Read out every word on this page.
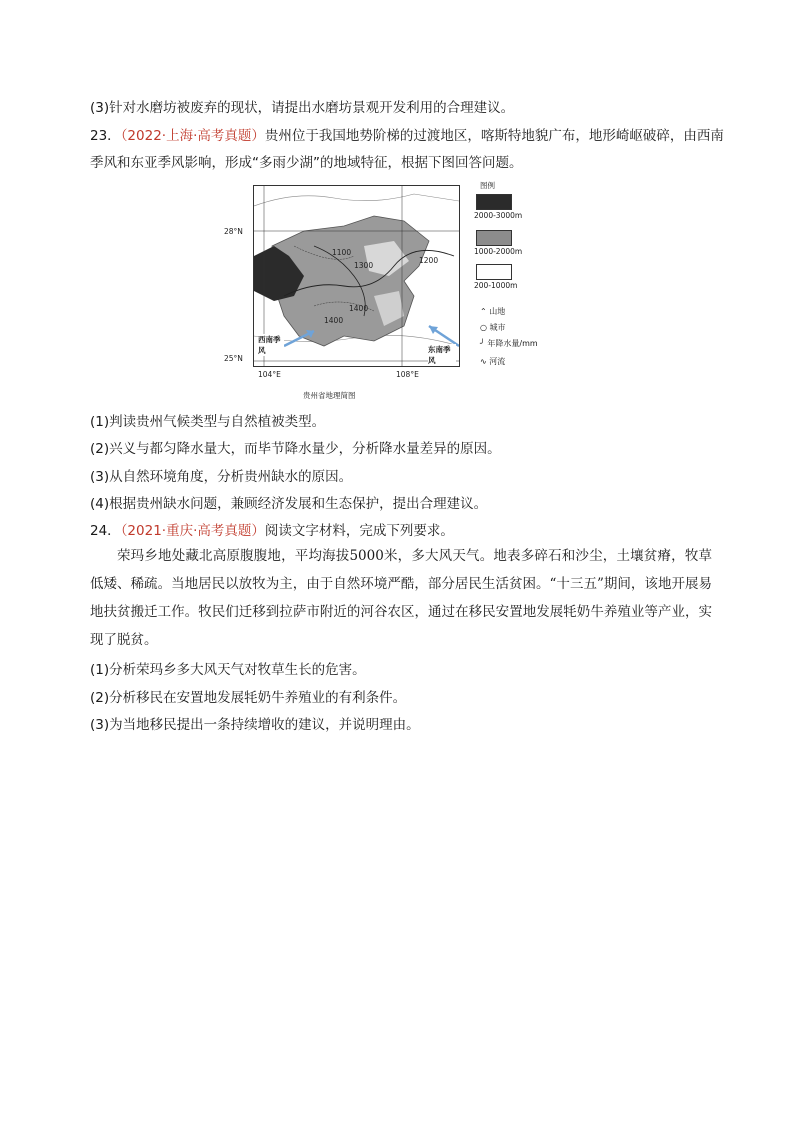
(3)针对水磨坊被废弃的现状，请提出水磨坊景观开发利用的合理建议。
23．（2022·上海·高考真题）贵州位于我国地势阶梯的过渡地区，喀斯特地貌广布，地形崎岖破碎，由西南
季风和东亚季风影响，形成“多雨少湖”的地域特征，根据下图回答问题。
28°N
25°N
104°E	108°E
1100
1300
1400
1200
1400
西南季风	东南季风
图例
2000-3000m
1000-2000m
200-1000m
⌃ 山地
○ 城市
╯ 年降水量/mm
∿ 河流
贵州省地理简图
(1)判读贵州气候类型与自然植被类型。
(2)兴义与都匀降水量大，而毕节降水量少，分析降水量差异的原因。
(3)从自然环境角度，分析贵州缺水的原因。
(4)根据贵州缺水问题，兼顾经济发展和生态保护，提出合理建议。
24．（2021·重庆·高考真题）阅读文字材料，完成下列要求。
荣玛乡地处藏北高原腹腹地，平均海拔5000米，多大风天气。地表多碎石和沙尘，土壤贫瘠，牧草低矮、稀疏。当地居民以放牧为主，由于自然环境严酷，部分居民生活贫困。“十三五”期间，该地开展易地扶贫搬迁工作。牧民们迁移到拉萨市附近的河谷农区，通过在移民安置地发展牦奶牛养殖业等产业，实现了脱贫。
(1)分析荣玛乡多大风天气对牧草生长的危害。
(2)分析移民在安置地发展牦奶牛养殖业的有利条件。
(3)为当地移民提出一条持续增收的建议，并说明理由。
